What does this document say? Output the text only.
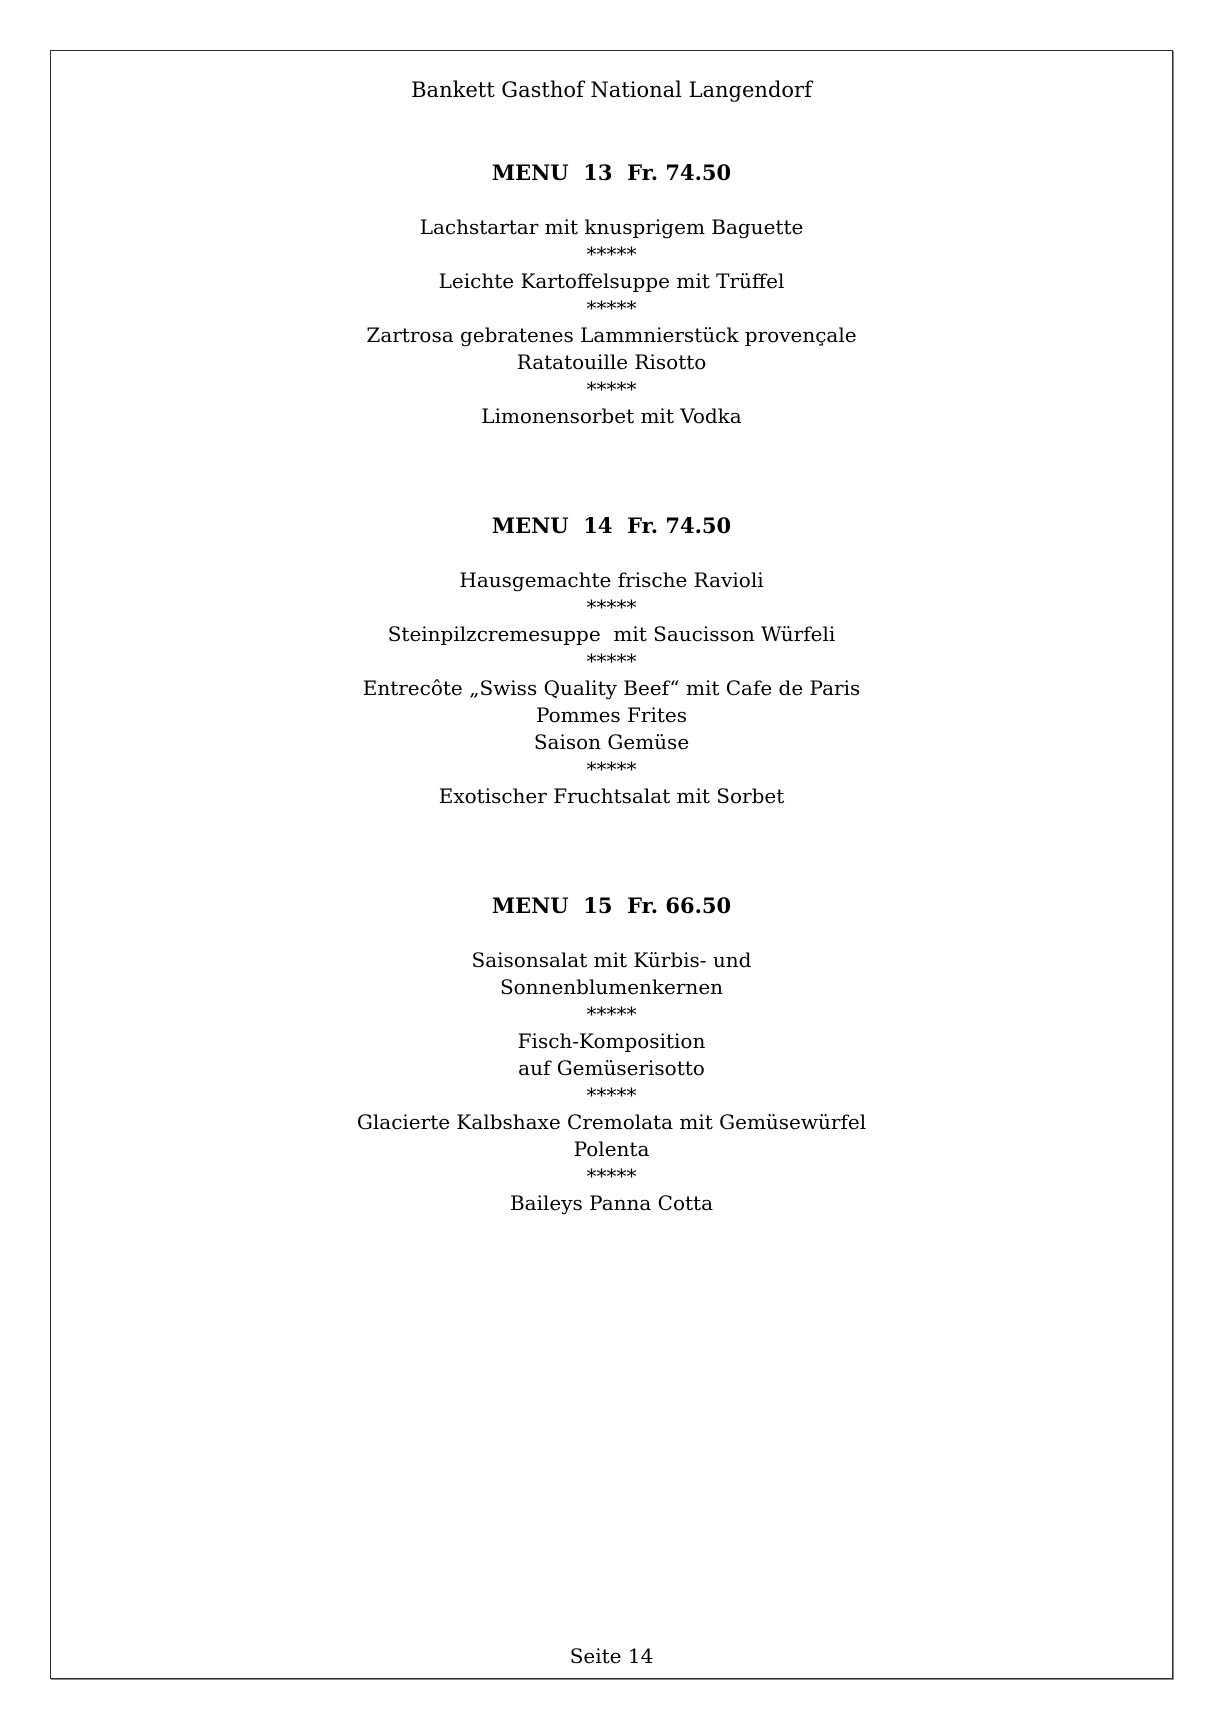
Bankett Gasthof National Langendorf
MENU  13  Fr. 74.50

Lachstartar mit knusprigem Baguette

*****

Leichte Kartoffelsuppe mit Trüffel

*****

Zartrosa gebratenes Lammnierstück provençale

Ratatouille Risotto

*****

Limonensorbet mit Vodka

MENU  14  Fr. 74.50

Hausgemachte frische Ravioli

*****

Steinpilzcremesuppe  mit Saucisson Würfeli

*****

Entrecôte „Swiss Quality Beef“ mit Cafe de Paris

Pommes Frites

Saison Gemüse

*****

Exotischer Fruchtsalat mit Sorbet

MENU  15  Fr. 66.50

Saisonsalat mit Kürbis- und

Sonnenblumenkernen

*****

Fisch-Komposition

auf Gemüserisotto

*****

Glacierte Kalbshaxe Cremolata mit Gemüsewürfel

Polenta

*****

Baileys Panna Cotta

Seite 14
